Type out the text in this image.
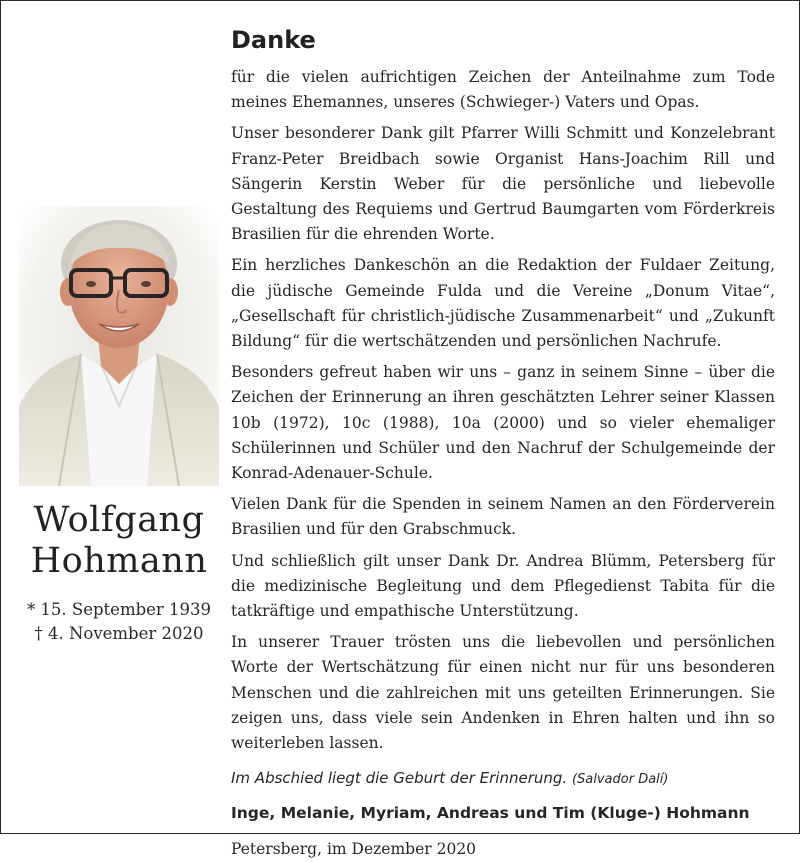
Wolfgang
Hohmann
* 15. September 1939
† 4. November 2020
Danke

für die vielen aufrichtigen Zeichen der Anteilnahme zum Tode meines Ehemannes, unseres (Schwieger-) Vaters und Opas.

Unser besonderer Dank gilt Pfarrer Willi Schmitt und Konzelebrant Franz-Peter Breidbach sowie Organist Hans-Joachim Rill und Sängerin Kerstin Weber für die persönliche und liebevolle Gestaltung des Requiems und Gertrud Baumgarten vom Förderkreis Brasilien für die ehrenden Worte.

Ein herzliches Dankeschön an die Redaktion der Fuldaer Zeitung, die jüdische Gemeinde Fulda und die Vereine „Donum Vitae“, „Gesellschaft für christlich-jüdische Zusammenarbeit“ und „Zukunft Bildung“ für die wertschätzenden und persönlichen Nachrufe.

Besonders gefreut haben wir uns – ganz in seinem Sinne – über die Zeichen der Erinnerung an ihren geschätzten Lehrer seiner Klassen 10b (1972), 10c (1988), 10a (2000) und so vieler ehemaliger Schülerinnen und Schüler und den Nachruf der Schulgemeinde der Konrad-Adenauer-Schule.

Vielen Dank für die Spenden in seinem Namen an den Förderverein Brasilien und für den Grabschmuck.

Und schließlich gilt unser Dank Dr. Andrea Blümm, Petersberg für die medizinische Begleitung und dem Pflegedienst Tabita für die tatkräftige und empathische Unterstützung.

In unserer Trauer trösten uns die liebevollen und persönlichen Worte der Wertschätzung für einen nicht nur für uns besonderen Menschen und die zahlreichen mit uns geteilten Erinnerungen. Sie zeigen uns, dass viele sein Andenken in Ehren halten und ihn so weiterleben lassen.

Im Abschied liegt die Geburt der Erinnerung. (Salvador Dalí)
Inge, Melanie, Myriam, Andreas und Tim (Kluge-) Hohmann
Petersberg, im Dezember 2020
